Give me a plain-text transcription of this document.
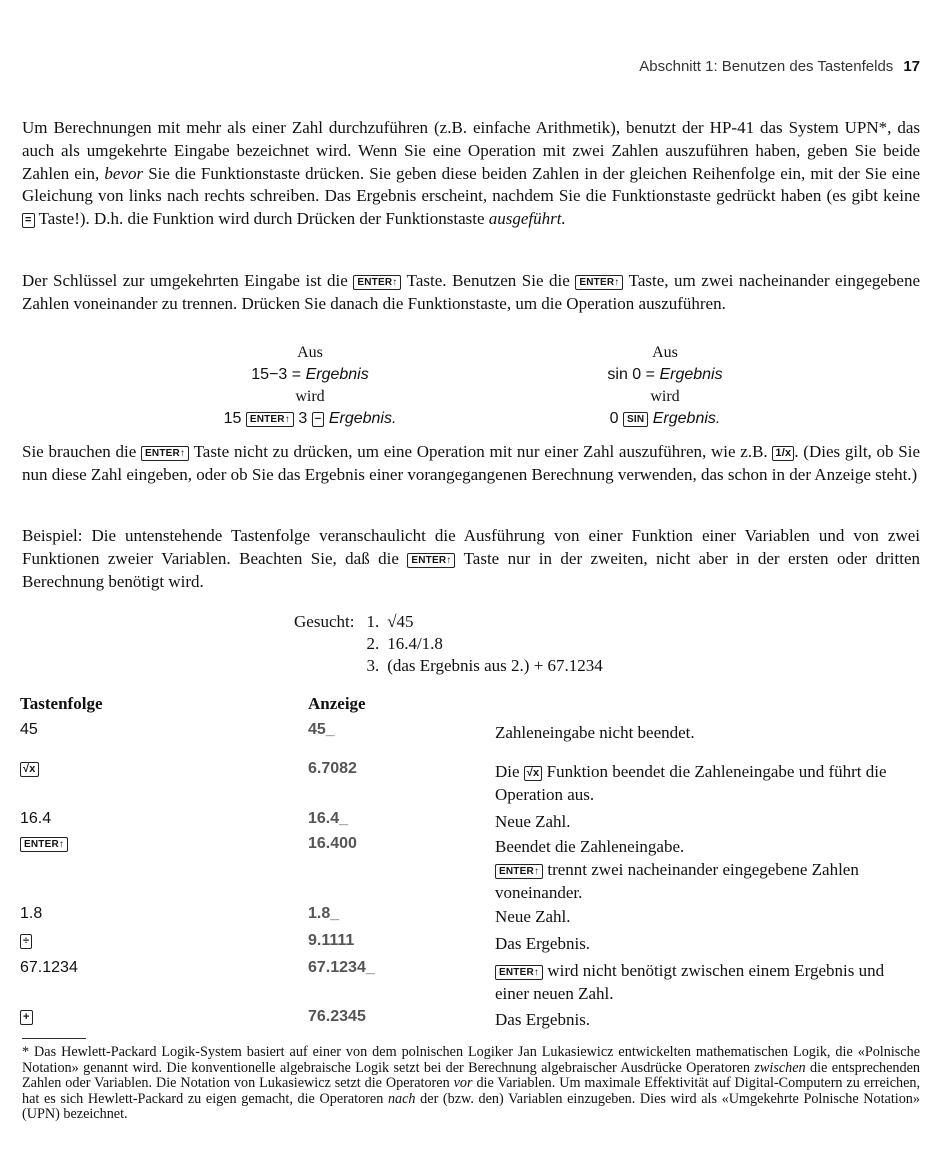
Abschnitt 1: Benutzen des Tastenfelds 17

Um Berechnungen mit mehr als einer Zahl durchzuführen (z.B. einfache Arithmetik), benutzt der HP-41 das System UPN*, das auch als umgekehrte Eingabe bezeichnet wird. Wenn Sie eine Operation mit zwei Zahlen auszuführen haben, geben Sie beide Zahlen ein, bevor Sie die Funktionstaste drücken. Sie geben diese beiden Zahlen in der gleichen Reihenfolge ein, mit der Sie eine Gleichung von links nach rechts schreiben. Das Ergebnis erscheint, nachdem Sie die Funktionstaste gedrückt haben (es gibt keine = Taste!). D.h. die Funktion wird durch Drücken der Funktionstaste ausgeführt.

Der Schlüssel zur umgekehrten Eingabe ist die ENTER↑ Taste. Benutzen Sie die ENTER↑ Taste, um zwei nacheinander eingegebene Zahlen voneinander zu trennen. Drücken Sie danach die Funktionstaste, um die Operation auszuführen.

Aus
15−3 = Ergebnis
wird
15 ENTER↑ 3 − Ergebnis.
Aus
sin 0 = Ergebnis
wird
0 SIN Ergebnis.

Sie brauchen die ENTER↑ Taste nicht zu drücken, um eine Operation mit nur einer Zahl auszuführen, wie z.B. 1/x . (Dies gilt, ob Sie nun diese Zahl eingeben, oder ob Sie das Ergebnis einer vorangegangenen Berechnung verwenden, das schon in der Anzeige steht.)

Beispiel: Die untenstehende Tastenfolge veranschaulicht die Ausführung von einer Funktion einer Variablen und von zwei Funktionen zweier Variablen. Beachten Sie, daß die ENTER↑ Taste nur in der zweiten, nicht aber in der ersten oder dritten Berechnung benötigt wird.

Gesucht:	1.	√45
	2.	16.4/1.8
	3.	(das Ergebnis aus 2.) + 67.1234
Tastenfolge	Anzeige
45	45_	Zahleneingabe nicht beendet.
√x	6.7082	Die √x Funktion beendet die Zahleneingabe und führt die Operation aus.
16.4	16.4_	Neue Zahl.
ENTER↑	16.400	Beendet die Zahleneingabe.
ENTER↑ trennt zwei nacheinander eingegebene Zahlen voneinander.
1.8	1.8_	Neue Zahl.
÷	9.1111	Das Ergebnis.
67.1234	67.1234_	ENTER↑ wird nicht benötigt zwischen einem Ergebnis und einer neuen Zahl.
+	76.2345	Das Ergebnis.

* Das Hewlett-Packard Logik-System basiert auf einer von dem polnischen Logiker Jan Lukasiewicz entwickelten mathematischen Logik, die «Polnische Notation» genannt wird. Die konventionelle algebraische Logik setzt bei der Berechnung algebraischer Ausdrücke Operatoren zwischen die entsprechenden Zahlen oder Variablen. Die Notation von Lukasiewicz setzt die Operatoren vor die Variablen. Um maximale Effektivität auf Digital-Computern zu erreichen, hat es sich Hewlett-Packard zu eigen gemacht, die Operatoren nach der (bzw. den) Variablen einzugeben. Dies wird als «Umgekehrte Polnische Notation» (UPN) bezeichnet.
